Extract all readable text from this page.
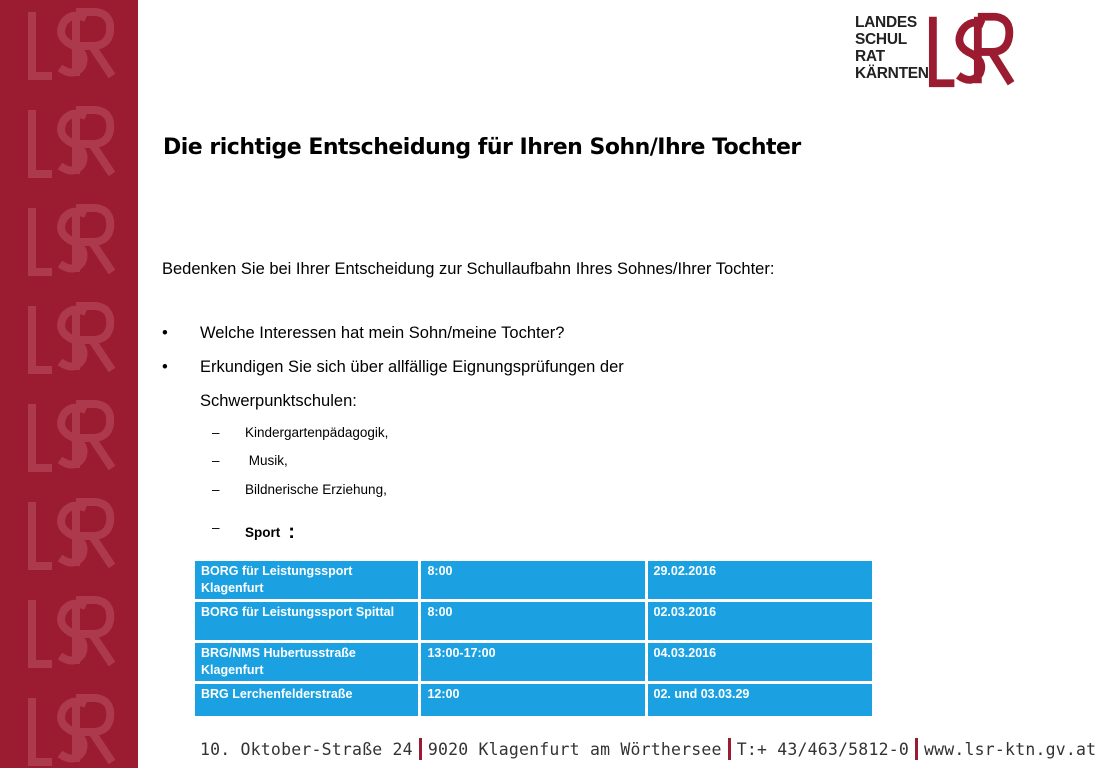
LANDES
SCHUL
RAT
KÄRNTEN
Die richtige Entscheidung für Ihren Sohn/Ihre Tochter
Bedenken Sie bei Ihrer Entscheidung zur Schullaufbahn Ihres Sohnes/Ihrer Tochter:
•	Welche Interessen hat mein Sohn/meine Tochter?
•	Erkundigen Sie sich über allfällige Eignungsprüfungen der
Schwerpunktschulen:
– Kindergartenpädagogik,
– Musik,
– Bildnerische Erziehung,
– Sport :
BORG für Leistungssport Klagenfurt	8:00	29.02.2016
BORG für Leistungssport Spittal	8:00	02.03.2016
BRG/NMS Hubertusstraße Klagenfurt	13:00-17:00	04.03.2016
BRG Lerchenfelderstraße	12:00	02. und 03.03.29
10. Oktober-Straße 24 9020 Klagenfurt am Wörthersee T:+ 43/463/5812-0 www.lsr-ktn.gv.at
